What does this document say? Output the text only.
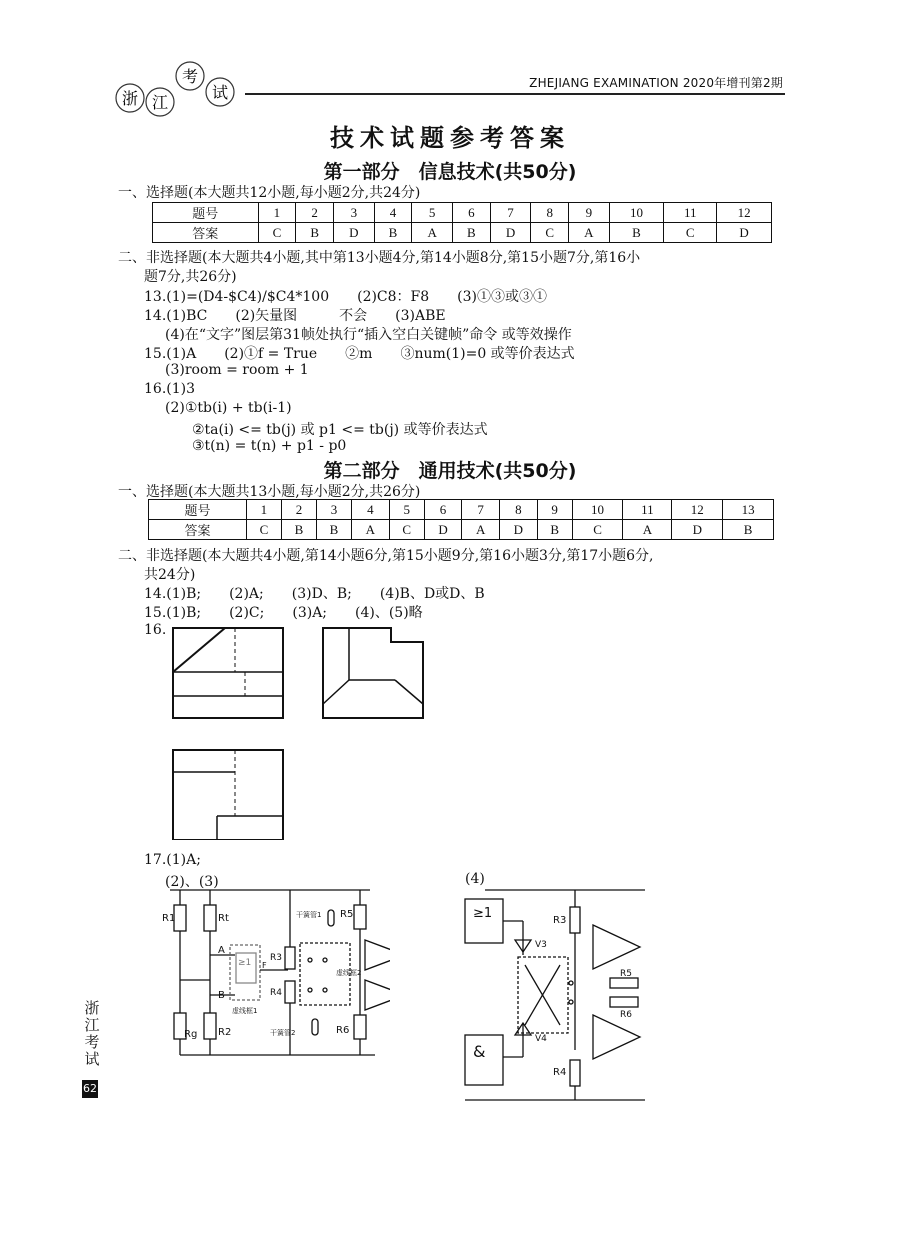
浙 江
考
试	ZHEJIANG EXAMINATION 2020年增刊第2期
技术试题参考答案
第一部分　信息技术(共50分)
一、选择题(本大题共12小题,每小题2分,共24分)
题号	1	2	3	4	5	6	7	8	9	10	11	12
答案	C	B	D	B	A	B	D	C	A	B	C	D
二、非选择题(本大题共4小题,其中第13小题4分,第14小题8分,第15小题7分,第16小
题7分,共26分)
13.(1)=(D4-$C4)/$C4*100　　(2)C8：F8　　(3)①③或③①
14.(1)BC　　(2)矢量图　　　不会　　(3)ABE
(4)在“文字”图层第31帧处执行“插入空白关键帧”命令 或等效操作
15.(1)A　　(2)①f = True　　②m　　③num(1)=0 或等价表达式
(3)room = room + 1
16.(1)3
(2)①tb(i) + tb(i-1)
②ta(i) <= tb(j) 或 p1 <= tb(j) 或等价表达式
③t(n) = t(n) + p1 - p0
第二部分　通用技术(共50分)
一、选择题(本大题共13小题,每小题2分,共26分)
题号	1	2	3	4	5	6	7	8	9	10	11	12	13
答案	C	B	B	A	C	D	A	D	B	C	A	D	B
二、非选择题(本大题共4小题,第14小题6分,第15小题9分,第16小题3分,第17小题6分,
共24分)
14.(1)B;　　(2)A;　　(3)D、B;　　(4)B、D或D、B
15.(1)B;　　(2)C;　　(3)A;　　(4)、(5)略
16.
17.(1)A;
(2)、(3)	(4)
R1	Rt
Rg R2
A
B
F
≥1 R3
R4
R5
R6
虚线框1
虚线框2
干簧管1
干簧管2
≥1
&
R3
R4
R5
R6
V3
V4
浙
江
考
试
62
